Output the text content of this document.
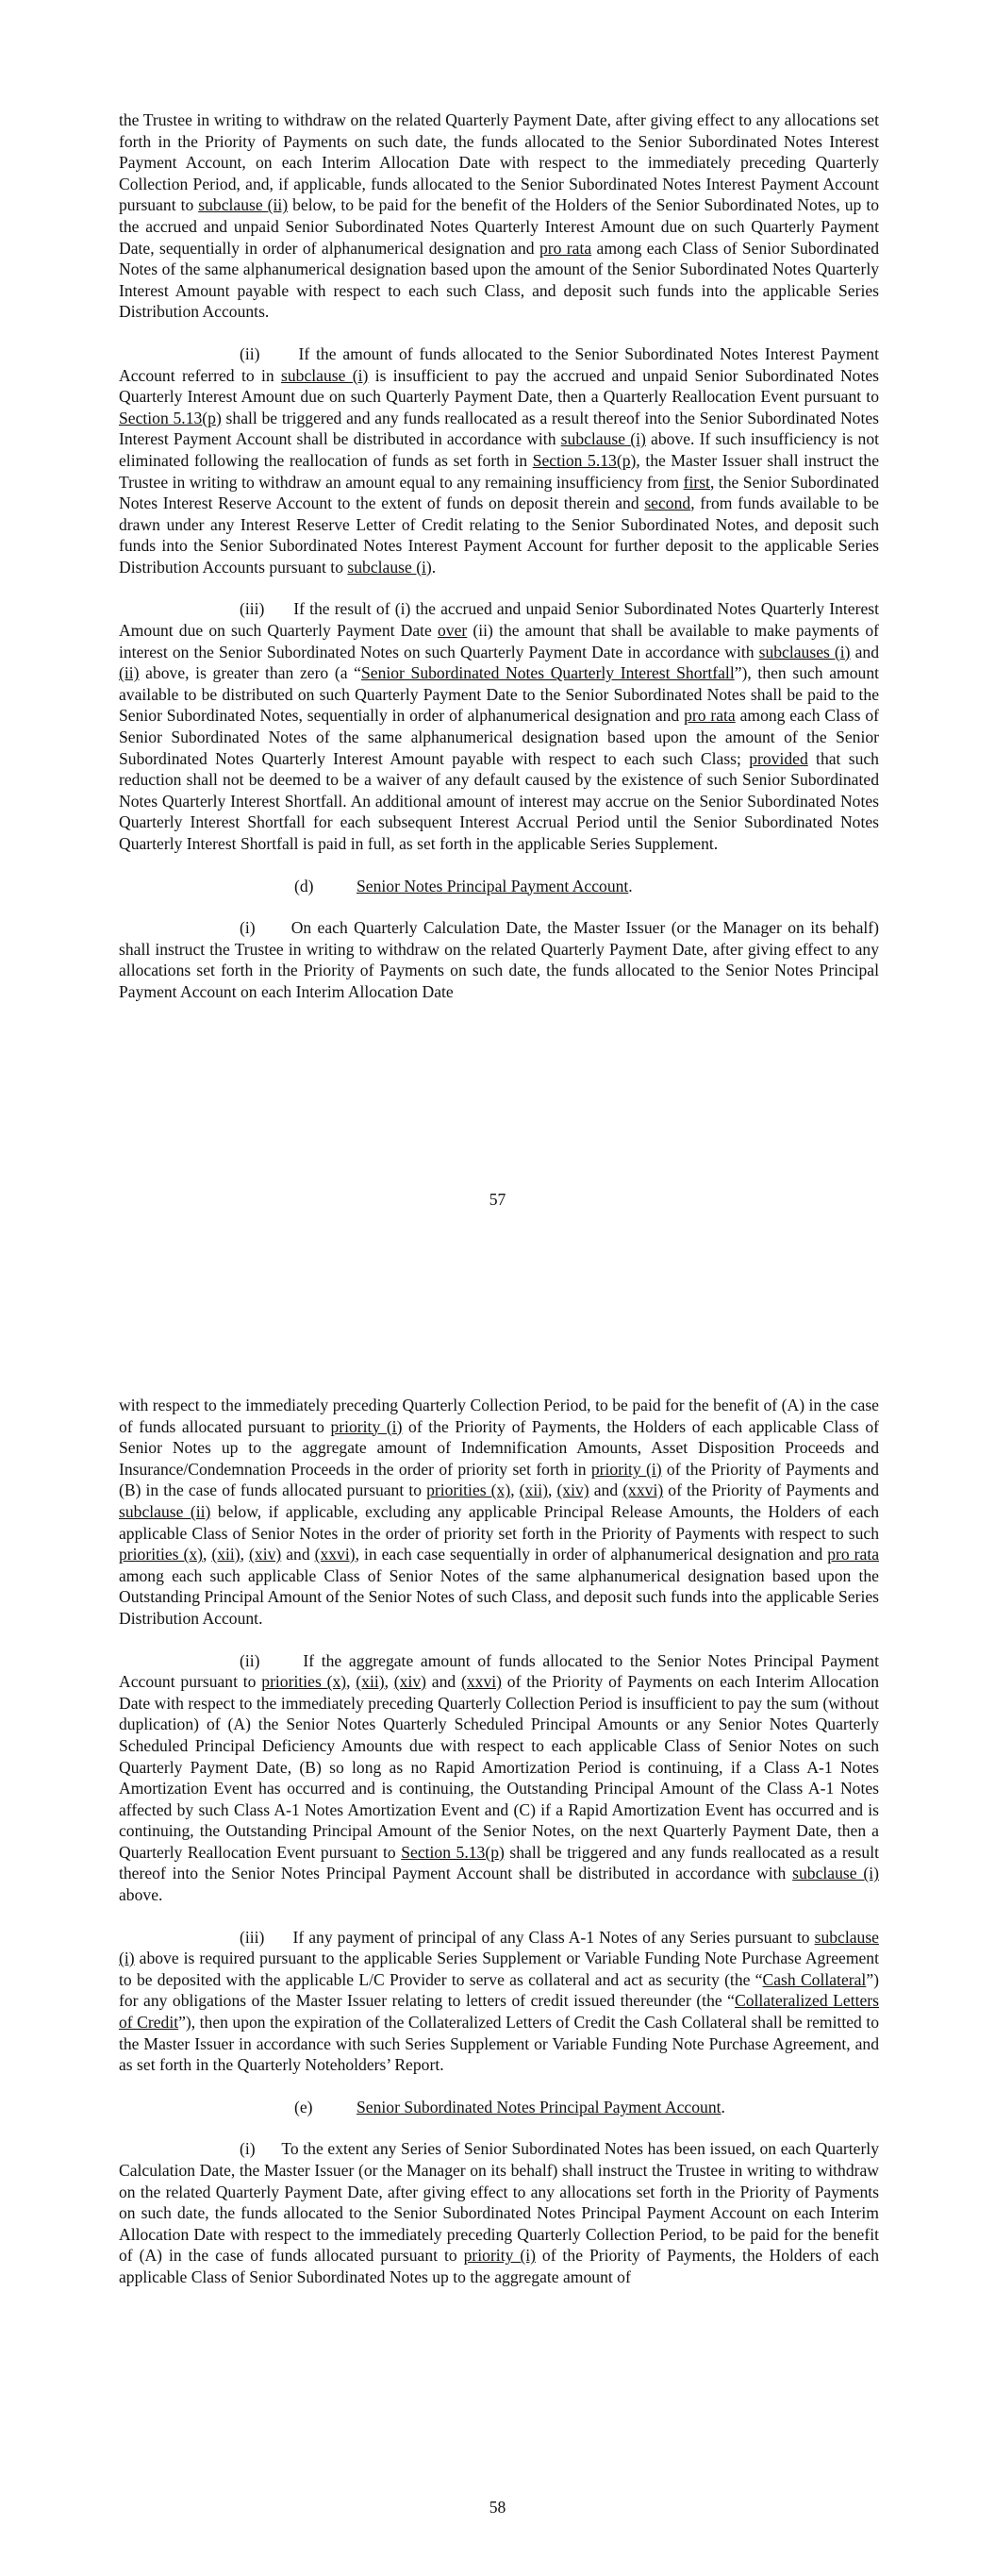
the Trustee in writing to withdraw on the related Quarterly Payment Date, after giving effect to any allocations set forth in the Priority of Payments on such date, the funds allocated to the Senior Subordinated Notes Interest Payment Account, on each Interim Allocation Date with respect to the immediately preceding Quarterly Collection Period, and, if applicable, funds allocated to the Senior Subordinated Notes Interest Payment Account pursuant to subclause (ii) below, to be paid for the benefit of the Holders of the Senior Subordinated Notes, up to the accrued and unpaid Senior Subordinated Notes Quarterly Interest Amount due on such Quarterly Payment Date, sequentially in order of alphanumerical designation and pro rata among each Class of Senior Subordinated Notes of the same alphanumerical designation based upon the amount of the Senior Subordinated Notes Quarterly Interest Amount payable with respect to each such Class, and deposit such funds into the applicable Series Distribution Accounts.

(ii)      If the amount of funds allocated to the Senior Subordinated Notes Interest Payment Account referred to in subclause (i) is insufficient to pay the accrued and unpaid Senior Subordinated Notes Quarterly Interest Amount due on such Quarterly Payment Date, then a Quarterly Reallocation Event pursuant to Section 5.13(p) shall be triggered and any funds reallocated as a result thereof into the Senior Subordinated Notes Interest Payment Account shall be distributed in accordance with subclause (i) above. If such insufficiency is not eliminated following the reallocation of funds as set forth in Section 5.13(p), the Master Issuer shall instruct the Trustee in writing to withdraw an amount equal to any remaining insufficiency from first, the Senior Subordinated Notes Interest Reserve Account to the extent of funds on deposit therein and second, from funds available to be drawn under any Interest Reserve Letter of Credit relating to the Senior Subordinated Notes, and deposit such funds into the Senior Subordinated Notes Interest Payment Account for further deposit to the applicable Series Distribution Accounts pursuant to subclause (i).

(iii)      If the result of (i) the accrued and unpaid Senior Subordinated Notes Quarterly Interest Amount due on such Quarterly Payment Date over (ii) the amount that shall be available to make payments of interest on the Senior Subordinated Notes on such Quarterly Payment Date in accordance with subclauses (i) and (ii) above, is greater than zero (a “Senior Subordinated Notes Quarterly Interest Shortfall”), then such amount available to be distributed on such Quarterly Payment Date to the Senior Subordinated Notes shall be paid to the Senior Subordinated Notes, sequentially in order of alphanumerical designation and pro rata among each Class of Senior Subordinated Notes of the same alphanumerical designation based upon the amount of the Senior Subordinated Notes Quarterly Interest Amount payable with respect to each such Class; provided that such reduction shall not be deemed to be a waiver of any default caused by the existence of such Senior Subordinated Notes Quarterly Interest Shortfall. An additional amount of interest may accrue on the Senior Subordinated Notes Quarterly Interest Shortfall for each subsequent Interest Accrual Period until the Senior Subordinated Notes Quarterly Interest Shortfall is paid in full, as set forth in the applicable Series Supplement.

(d)	Senior Notes Principal Payment Account.

(i)      On each Quarterly Calculation Date, the Master Issuer (or the Manager on its behalf) shall instruct the Trustee in writing to withdraw on the related Quarterly Payment Date, after giving effect to any allocations set forth in the Priority of Payments on such date, the funds allocated to the Senior Notes Principal Payment Account on each Interim Allocation Date

57

with respect to the immediately preceding Quarterly Collection Period, to be paid for the benefit of (A) in the case of funds allocated pursuant to priority (i) of the Priority of Payments, the Holders of each applicable Class of Senior Notes up to the aggregate amount of Indemnification Amounts, Asset Disposition Proceeds and Insurance/Condemnation Proceeds in the order of priority set forth in priority (i) of the Priority of Payments and (B) in the case of funds allocated pursuant to priorities (x), (xii), (xiv) and (xxvi) of the Priority of Payments and subclause (ii) below, if applicable, excluding any applicable Principal Release Amounts, the Holders of each applicable Class of Senior Notes in the order of priority set forth in the Priority of Payments with respect to such priorities (x), (xii), (xiv) and (xxvi), in each case sequentially in order of alphanumerical designation and pro rata among each such applicable Class of Senior Notes of the same alphanumerical designation based upon the Outstanding Principal Amount of the Senior Notes of such Class, and deposit such funds into the applicable Series Distribution Account.

(ii)      If the aggregate amount of funds allocated to the Senior Notes Principal Payment Account pursuant to priorities (x), (xii), (xiv) and (xxvi) of the Priority of Payments on each Interim Allocation Date with respect to the immediately preceding Quarterly Collection Period is insufficient to pay the sum (without duplication) of (A) the Senior Notes Quarterly Scheduled Principal Amounts or any Senior Notes Quarterly Scheduled Principal Deficiency Amounts due with respect to each applicable Class of Senior Notes on such Quarterly Payment Date, (B) so long as no Rapid Amortization Period is continuing, if a Class A-1 Notes Amortization Event has occurred and is continuing, the Outstanding Principal Amount of the Class A-1 Notes affected by such Class A-1 Notes Amortization Event and (C) if a Rapid Amortization Event has occurred and is continuing, the Outstanding Principal Amount of the Senior Notes, on the next Quarterly Payment Date, then a Quarterly Reallocation Event pursuant to Section 5.13(p) shall be triggered and any funds reallocated as a result thereof into the Senior Notes Principal Payment Account shall be distributed in accordance with subclause (i) above.

(iii)      If any payment of principal of any Class A-1 Notes of any Series pursuant to subclause (i) above is required pursuant to the applicable Series Supplement or Variable Funding Note Purchase Agreement to be deposited with the applicable L/C Provider to serve as collateral and act as security (the “Cash Collateral”) for any obligations of the Master Issuer relating to letters of credit issued thereunder (the “Collateralized Letters of Credit”), then upon the expiration of the Collateralized Letters of Credit the Cash Collateral shall be remitted to the Master Issuer in accordance with such Series Supplement or Variable Funding Note Purchase Agreement, and as set forth in the Quarterly Noteholders’ Report.

(e)	Senior Subordinated Notes Principal Payment Account.

(i)      To the extent any Series of Senior Subordinated Notes has been issued, on each Quarterly Calculation Date, the Master Issuer (or the Manager on its behalf) shall instruct the Trustee in writing to withdraw on the related Quarterly Payment Date, after giving effect to any allocations set forth in the Priority of Payments on such date, the funds allocated to the Senior Subordinated Notes Principal Payment Account on each Interim Allocation Date with respect to the immediately preceding Quarterly Collection Period, to be paid for the benefit of (A) in the case of funds allocated pursuant to priority (i) of the Priority of Payments, the Holders of each applicable Class of Senior Subordinated Notes up to the aggregate amount of

58
